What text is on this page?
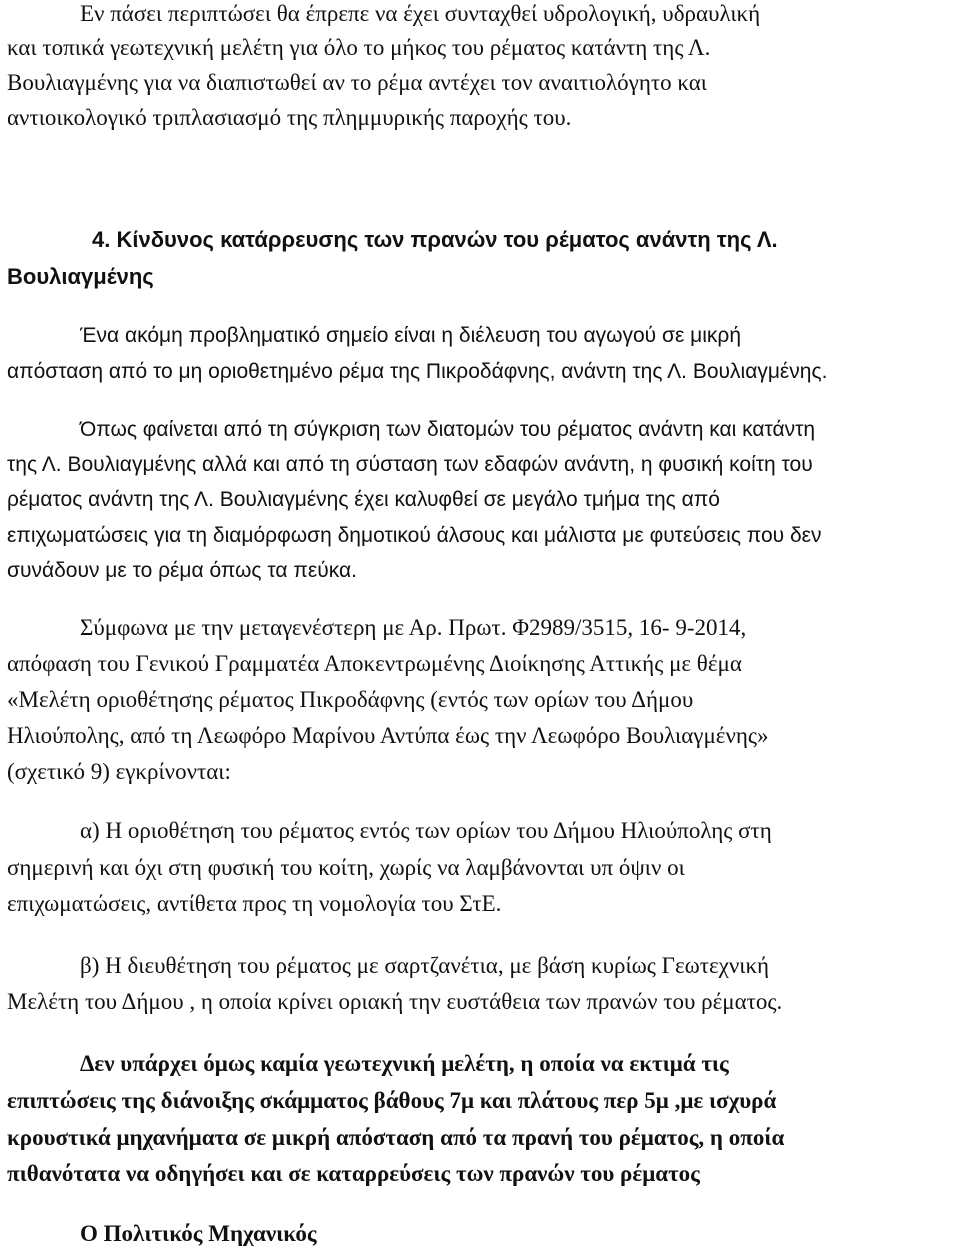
Εν πάσει περιπτώσει θα έπρεπε να έχει συνταχθεί υδρολογική, υδραυλική
και τοπικά γεωτεχνική μελέτη για όλο το μήκος του ρέματος κατάντη της Λ.
Βουλιαγμένης για να διαπιστωθεί αν το ρέμα αντέχει τον αναιτιολόγητο και
αντιοικολογικό τριπλασιασμό της πλημμυρικής παροχής του.
4. Κίνδυνος κατάρρευσης των πρανών του ρέματος ανάντη της Λ.
Βουλιαγμένης
Ένα ακόμη προβληματικό σημείο είναι η διέλευση του αγωγού σε μικρή
απόσταση από το μη οριοθετημένο ρέμα της Πικροδάφνης, ανάντη της Λ. Βουλιαγμένης.
Όπως φαίνεται από τη σύγκριση των διατομών του ρέματος ανάντη και κατάντη
της Λ. Βουλιαγμένης αλλά και από τη σύσταση των εδαφών ανάντη, η φυσική κοίτη του
ρέματος ανάντη της Λ. Βουλιαγμένης έχει καλυφθεί σε μεγάλο τμήμα της από
επιχωματώσεις για τη διαμόρφωση δημοτικού άλσους και μάλιστα με φυτεύσεις που δεν
συνάδουν με το ρέμα όπως τα πεύκα.
Σύμφωνα με την μεταγενέστερη με Αρ. Πρωτ. Φ2989/3515, 16- 9-2014,
απόφαση του Γενικού Γραμματέα Αποκεντρωμένης Διοίκησης Αττικής με θέμα
«Μελέτη οριοθέτησης ρέματος Πικροδάφνης (εντός των ορίων του Δήμου
Ηλιούπολης, από τη Λεωφόρο Μαρίνου Αντύπα έως την Λεωφόρο Βουλιαγμένης»
(σχετικό 9) εγκρίνονται:
α) Η οριοθέτηση του ρέματος εντός των ορίων του Δήμου Ηλιούπολης στη
σημερινή και όχι στη φυσική του κοίτη, χωρίς να λαμβάνονται υπ όψιν οι
επιχωματώσεις, αντίθετα προς τη νομολογία του ΣτΕ.
β) Η διευθέτηση του ρέματος με σαρτζανέτια, με βάση κυρίως Γεωτεχνική
Μελέτη του Δήμου , η οποία κρίνει οριακή την ευστάθεια των πρανών του ρέματος.
Δεν υπάρχει όμως καμία γεωτεχνική μελέτη, η οποία να εκτιμά τις
επιπτώσεις της διάνοιξης σκάμματος βάθους 7μ και πλάτους περ 5μ ,με ισχυρά
κρουστικά μηχανήματα σε μικρή απόσταση από τα πρανή του ρέματος, η οποία
πιθανότατα να οδηγήσει και σε καταρρεύσεις των πρανών του ρέματος
Ο Πολιτικός Μηχανικός
